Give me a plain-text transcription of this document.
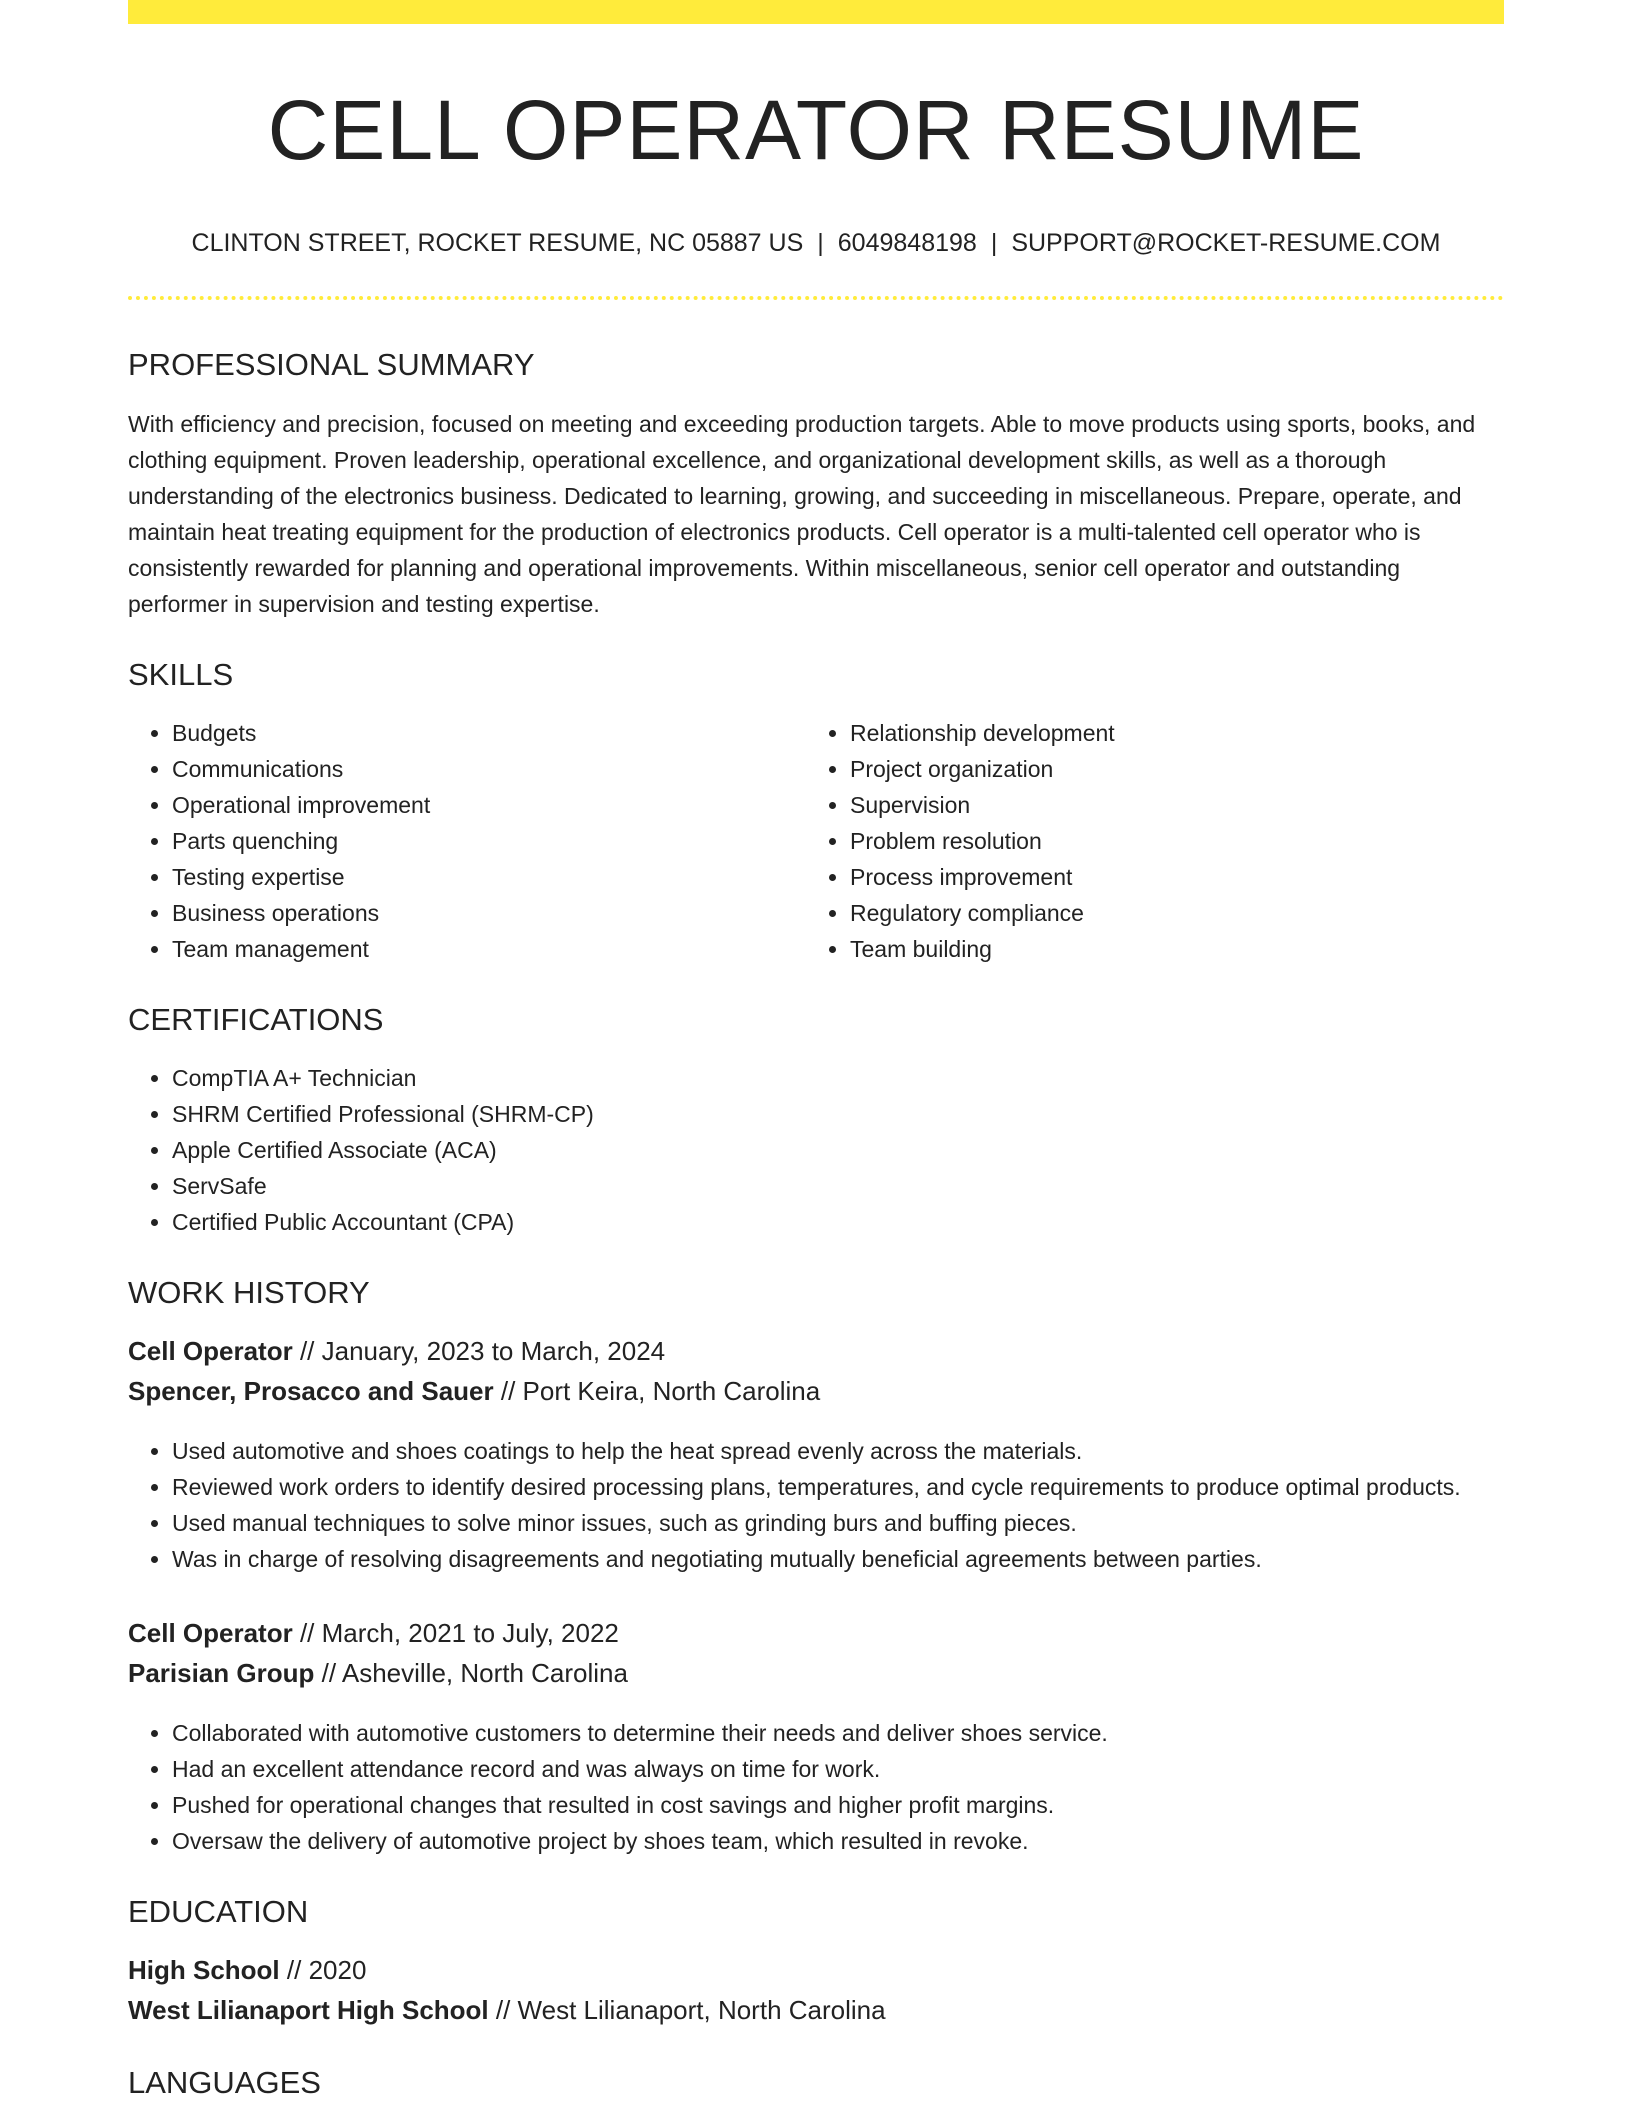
CELL OPERATOR RESUME
CLINTON STREET, ROCKET RESUME, NC 05887 US | 6049848198 | SUPPORT@ROCKET-RESUME.COM
PROFESSIONAL SUMMARY

With efficiency and precision, focused on meeting and exceeding production targets. Able to move products using sports, books, and clothing equipment. Proven leadership, operational excellence, and organizational development skills, as well as a thorough understanding of the electronics business. Dedicated to learning, growing, and succeeding in miscellaneous. Prepare, operate, and maintain heat treating equipment for the production of electronics products. Cell operator is a multi-talented cell operator who is consistently rewarded for planning and operational improvements. Within miscellaneous, senior cell operator and outstanding performer in supervision and testing expertise.

SKILLS
• Budgets
• Communications
• Operational improvement
• Parts quenching
• Testing expertise
• Business operations
• Team management
• Relationship development
• Project organization
• Supervision
• Problem resolution
• Process improvement
• Regulatory compliance
• Team building
CERTIFICATIONS
• CompTIA A+ Technician
• SHRM Certified Professional (SHRM-CP)
• Apple Certified Associate (ACA)
• ServSafe
• Certified Public Accountant (CPA)
WORK HISTORY

Cell Operator // January, 2023 to March, 2024

Spencer, Prosacco and Sauer // Port Keira, North Carolina

• Used automotive and shoes coatings to help the heat spread evenly across the materials.
• Reviewed work orders to identify desired processing plans, temperatures, and cycle requirements to produce optimal products.
• Used manual techniques to solve minor issues, such as grinding burs and buffing pieces.
• Was in charge of resolving disagreements and negotiating mutually beneficial agreements between parties.

Cell Operator // March, 2021 to July, 2022

Parisian Group // Asheville, North Carolina

• Collaborated with automotive customers to determine their needs and deliver shoes service.
• Had an excellent attendance record and was always on time for work.
• Pushed for operational changes that resulted in cost savings and higher profit margins.
• Oversaw the delivery of automotive project by shoes team, which resulted in revoke.
EDUCATION

High School // 2020

West Lilianaport High School // West Lilianaport, North Carolina

LANGUAGES
